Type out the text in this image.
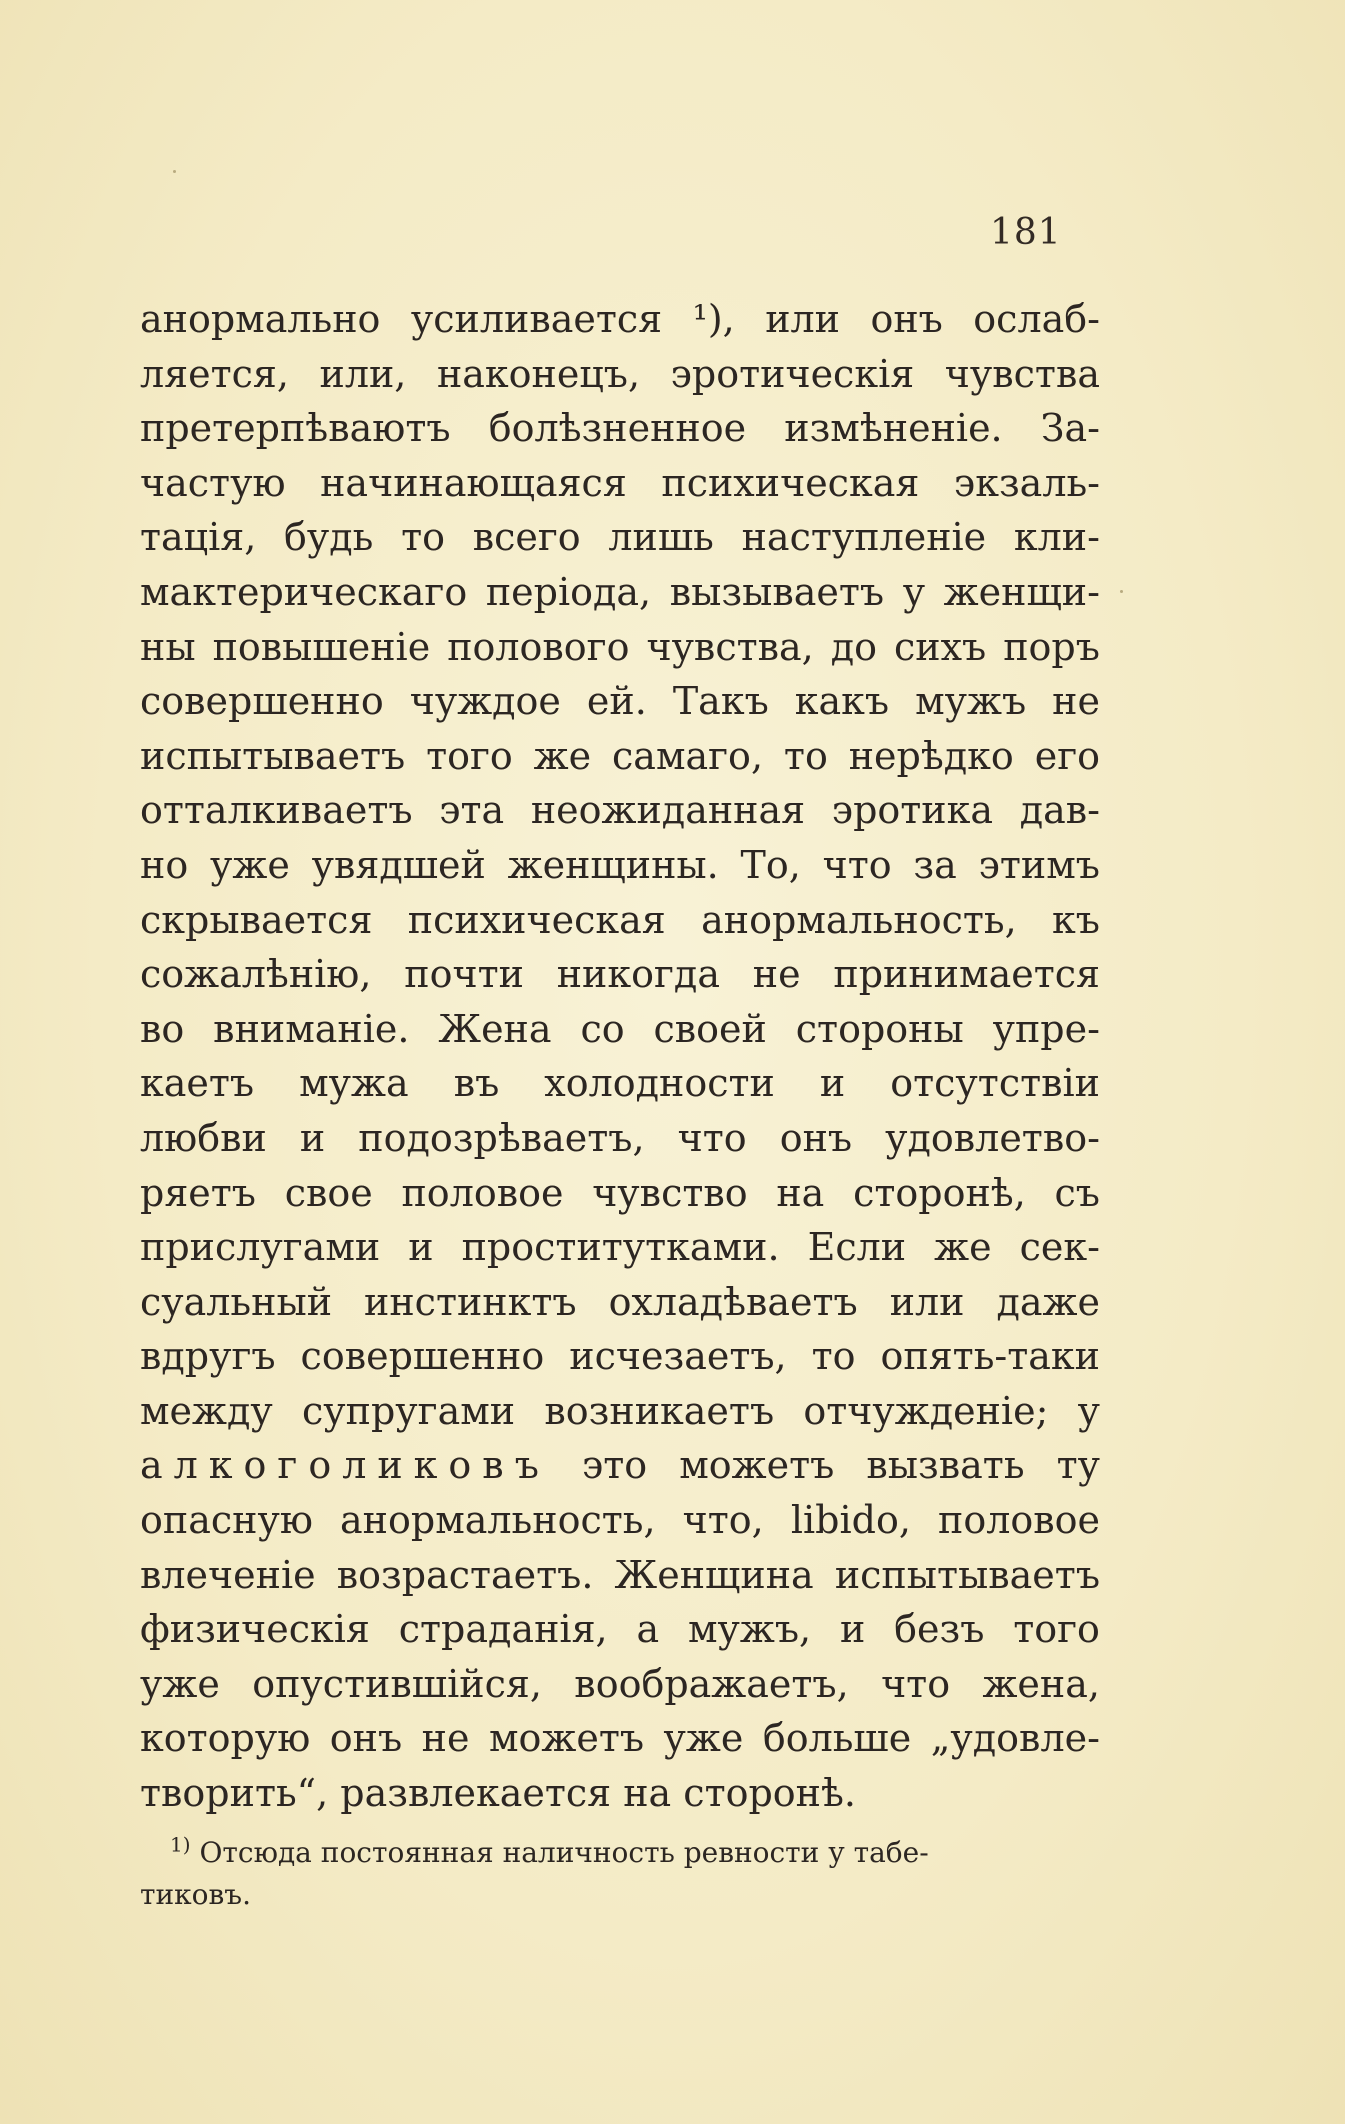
181
анормально усиливается ¹), или онъ ослаб-
ляется, или, наконецъ, эротическія чувства
претерпѣваютъ болѣзненное измѣненіе. За-
частую начинающаяся психическая экзаль-
тація, будь то всего лишь наступленіе кли-
мактерическаго періода, вызываетъ у женщи-
ны повышеніе полового чувства, до сихъ поръ
совершенно чуждое ей. Такъ какъ мужъ не
испытываетъ того же самаго, то нерѣдко его
отталкиваетъ эта неожиданная эротика дав-
но уже увядшей женщины. То, что за этимъ
скрывается психическая анормальность, къ
сожалѣнію, почти никогда не принимается
во вниманіе. Жена со своей стороны упре-
каетъ мужа въ холодности и отсутствіи
любви и подозрѣваетъ, что онъ удовлетво-
ряетъ свое половое чувство на сторонѣ, съ
прислугами и проститутками. Если же сек-
суальный инстинктъ охладѣваетъ или даже
вдругъ совершенно исчезаетъ, то опять-таки
между супругами возникаетъ отчужденіе; у
алкоголиковъ это можетъ вызвать ту
опасную анормальность, что, libido, половое
влеченіе возрастаетъ. Женщина испытываетъ
физическія страданія, а мужъ, и безъ того
уже опустившійся, воображаетъ, что жена,
которую онъ не можетъ уже больше „удовле-
творить“, развлекается на сторонѣ.
$^{1)}$ Отсюда постоянная наличность ревности у табе-
тиковъ.
